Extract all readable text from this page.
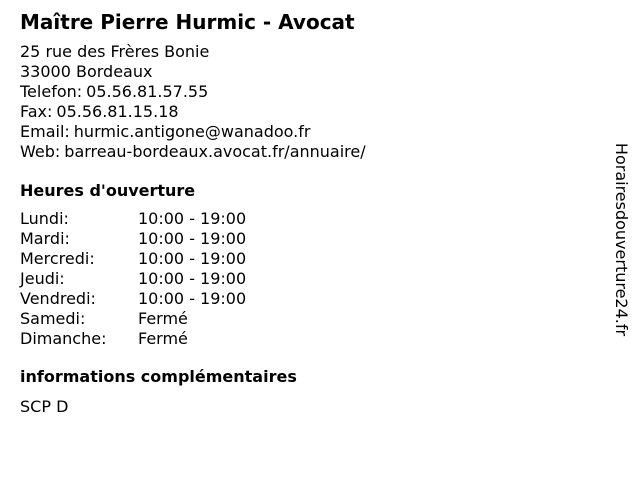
Maître Pierre Hurmic - Avocat
25 rue des Frères Bonie
33000 Bordeaux
Telefon: 05.56.81.57.55
Fax: 05.56.81.15.18
Email: hurmic.antigone@wanadoo.fr
Web: barreau-bordeaux.avocat.fr/annuaire/
Heures d'ouverture
Lundi:	10:00 - 19:00
Mardi:	10:00 - 19:00
Mercredi:	10:00 - 19:00
Jeudi:	10:00 - 19:00
Vendredi:	10:00 - 19:00
Samedi:	Fermé
Dimanche:	Fermé
informations complémentaires
SCP D
Horairesdouverture24.fr
